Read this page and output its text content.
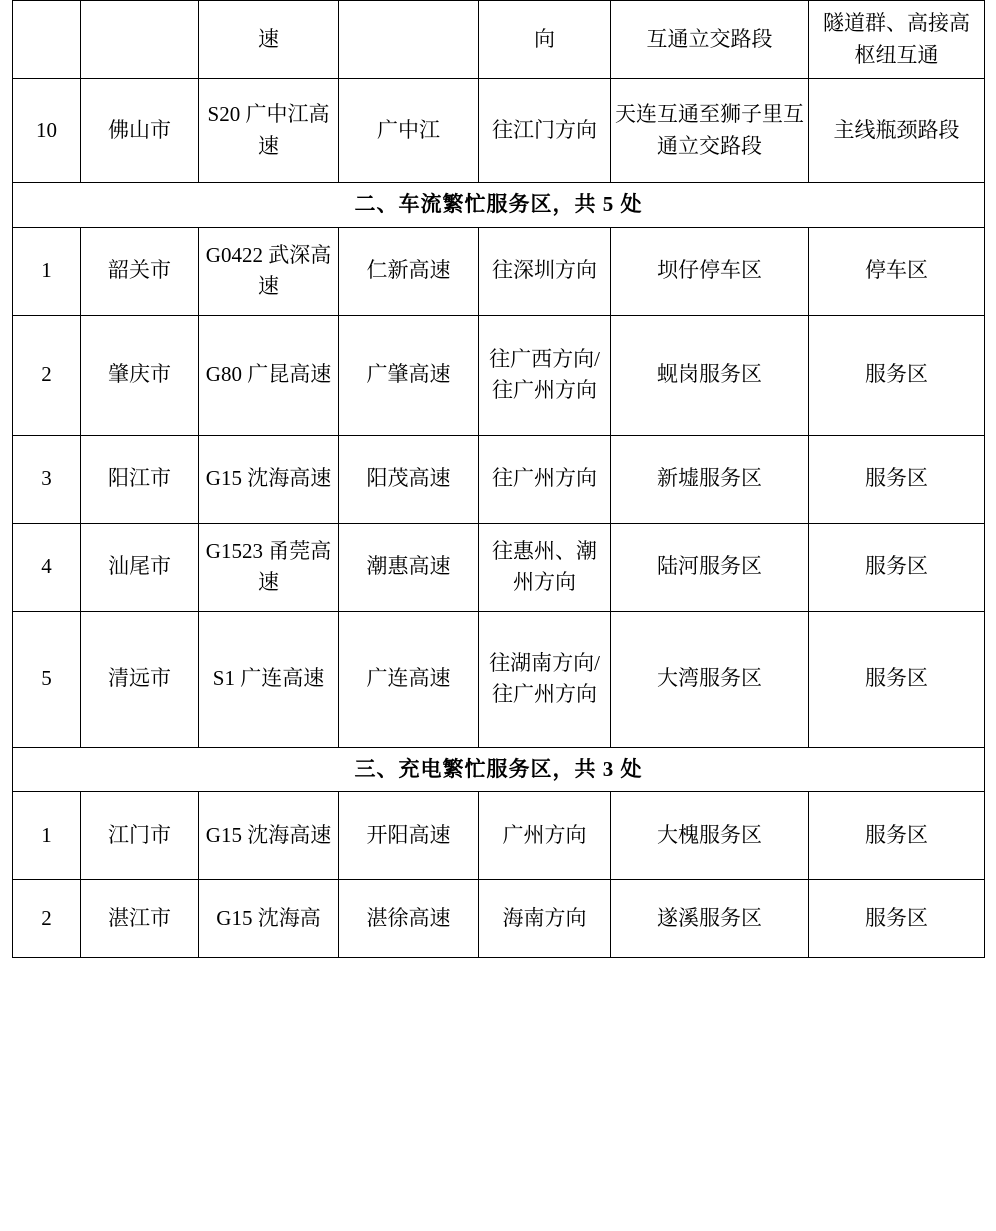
		速		向	互通立交路段	隧道群、高接高枢纽互通
10	佛山市	S20 广中江高速	广中江	往江门方向	天连互通至狮子里互通立交路段	主线瓶颈路段
二、车流繁忙服务区，共 5 处						
1	韶关市	G0422 武深高速	仁新高速	往深圳方向	坝仔停车区	停车区
2	肇庆市	G80 广昆高速	广肇高速	往广西方向/往广州方向	蚬岗服务区	服务区
3	阳江市	G15 沈海高速	阳茂高速	往广州方向	新墟服务区	服务区
4	汕尾市	G1523 甬莞高速	潮惠高速	往惠州、潮州方向	陆河服务区	服务区
5	清远市	S1 广连高速	广连高速	往湖南方向/往广州方向	大湾服务区	服务区
三、充电繁忙服务区，共 3 处						
1	江门市	G15 沈海高速	开阳高速	广州方向	大槐服务区	服务区
2	湛江市	G15 沈海高	湛徐高速	海南方向	遂溪服务区	服务区
